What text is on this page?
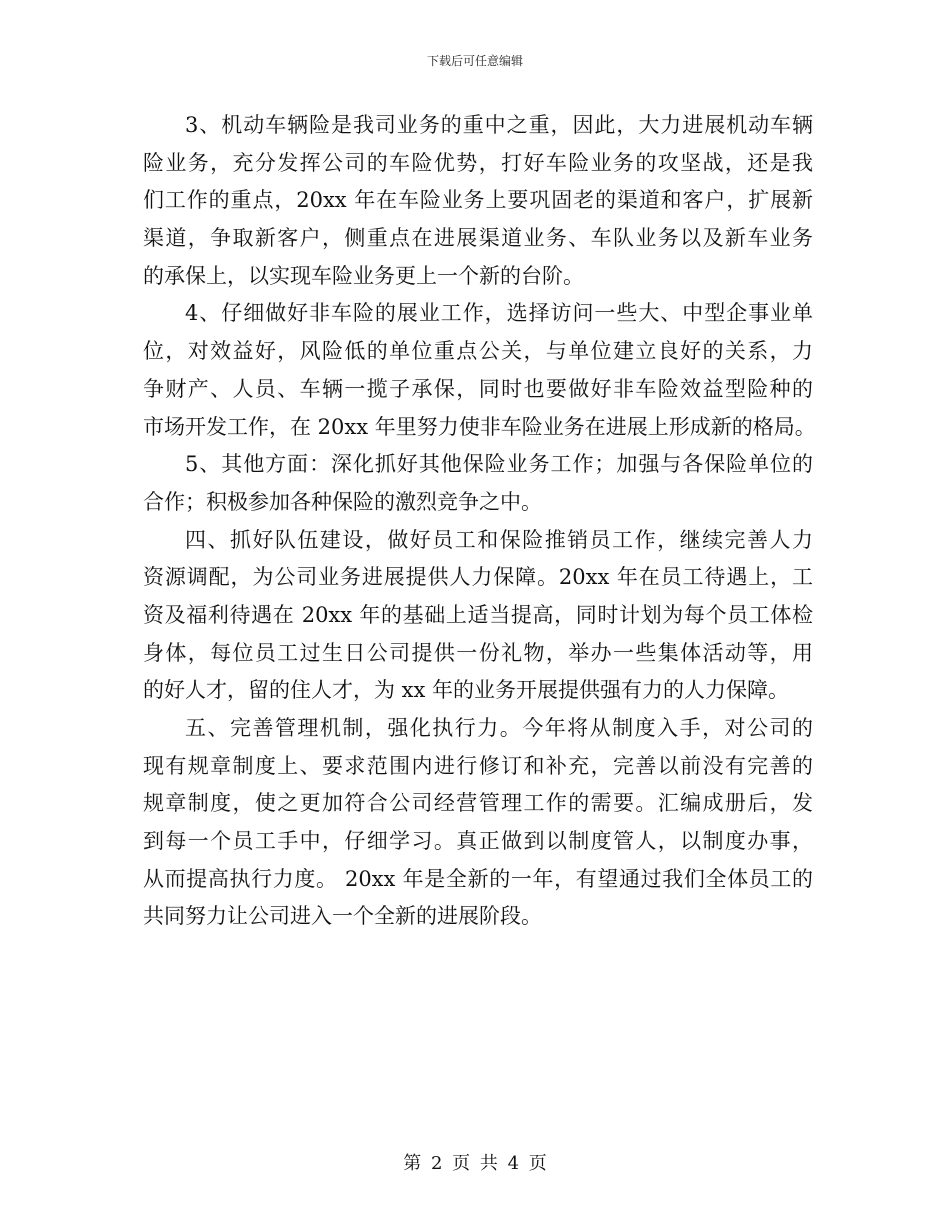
下载后可任意编辑
3、机动车辆险是我司业务的重中之重，因此，大力进展机动车辆
险业务，充分发挥公司的车险优势，打好车险业务的攻坚战，还是我
们工作的重点，20xx 年在车险业务上要巩固老的渠道和客户，扩展新
渠道，争取新客户，侧重点在进展渠道业务、车队业务以及新车业务
的承保上，以实现车险业务更上一个新的台阶。
4、仔细做好非车险的展业工作，选择访问一些大、中型企事业单
位，对效益好，风险低的单位重点公关，与单位建立良好的关系，力
争财产、人员、车辆一揽子承保，同时也要做好非车险效益型险种的
市场开发工作，在 20xx 年里努力使非车险业务在进展上形成新的格局。
5、其他方面：深化抓好其他保险业务工作；加强与各保险单位的
合作；积极参加各种保险的激烈竞争之中。
四、抓好队伍建设，做好员工和保险推销员工作，继续完善人力
资源调配，为公司业务进展提供人力保障。20xx 年在员工待遇上，工
资及福利待遇在 20xx 年的基础上适当提高，同时计划为每个员工体检
身体，每位员工过生日公司提供一份礼物，举办一些集体活动等，用
的好人才，留的住人才，为 xx 年的业务开展提供强有力的人力保障。
五、完善管理机制，强化执行力。今年将从制度入手，对公司的
现有规章制度上、要求范围内进行修订和补充，完善以前没有完善的
规章制度，使之更加符合公司经营管理工作的需要。汇编成册后，发
到每一个员工手中，仔细学习。真正做到以制度管人，以制度办事，
从而提高执行力度。 20xx 年是全新的一年，有望通过我们全体员工的
共同努力让公司进入一个全新的进展阶段。
第 2 页 共 4 页
